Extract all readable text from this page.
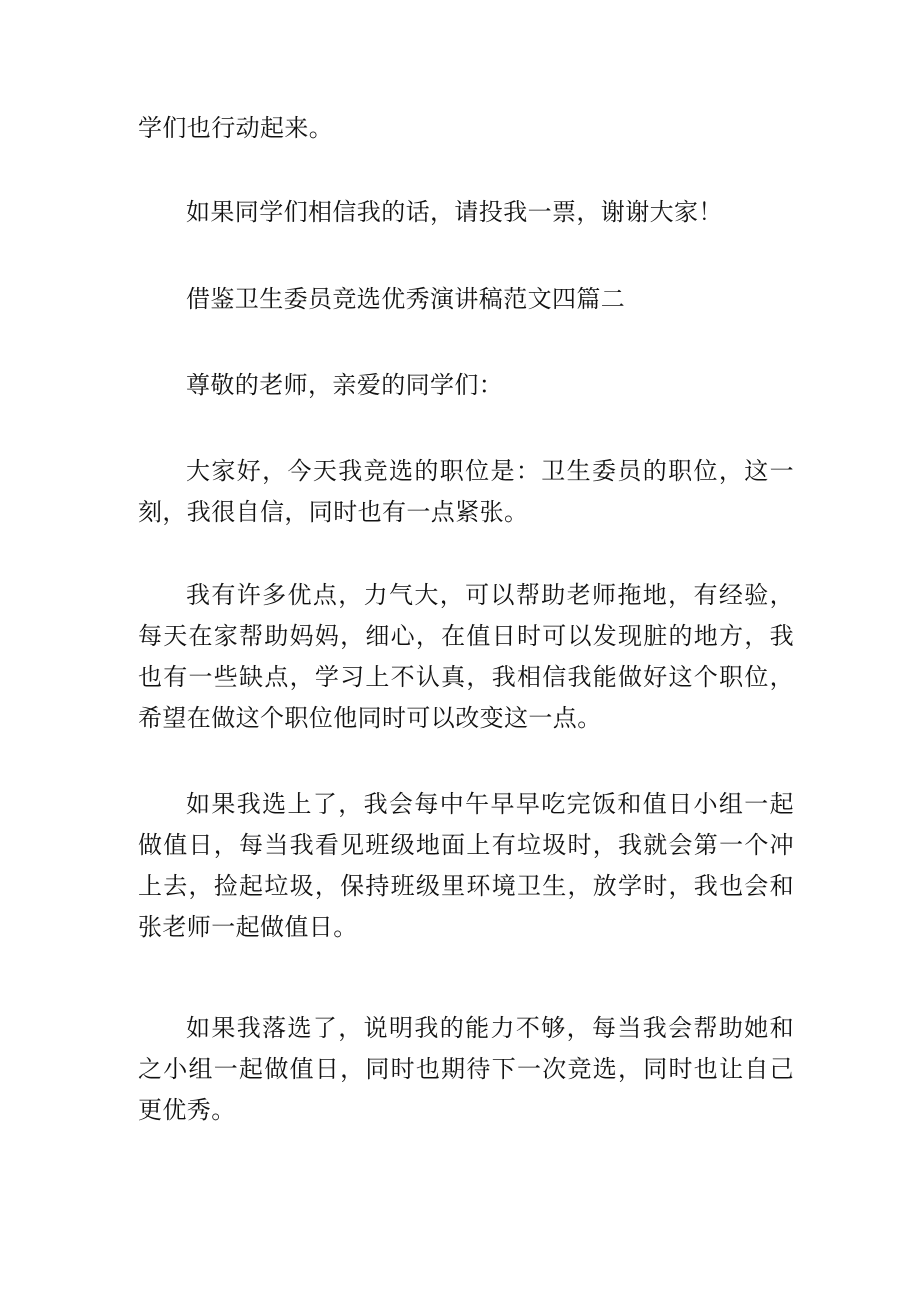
学们也行动起来。

如果同学们相信我的话，请投我一票，谢谢大家！

借鉴卫生委员竞选优秀演讲稿范文四篇二

尊敬的老师，亲爱的同学们：

大家好，今天我竞选的职位是：卫生委员的职位，这一刻，我很自信，同时也有一点紧张。

我有许多优点，力气大，可以帮助老师拖地，有经验，每天在家帮助妈妈，细心，在值日时可以发现脏的地方，我也有一些缺点，学习上不认真，我相信我能做好这个职位，希望在做这个职位他同时可以改变这一点。

如果我选上了，我会每中午早早吃完饭和值日小组一起做值日，每当我看见班级地面上有垃圾时，我就会第一个冲上去，捡起垃圾，保持班级里环境卫生，放学时，我也会和张老师一起做值日。

如果我落选了，说明我的能力不够，每当我会帮助她和之小组一起做值日，同时也期待下一次竞选，同时也让自己更优秀。
